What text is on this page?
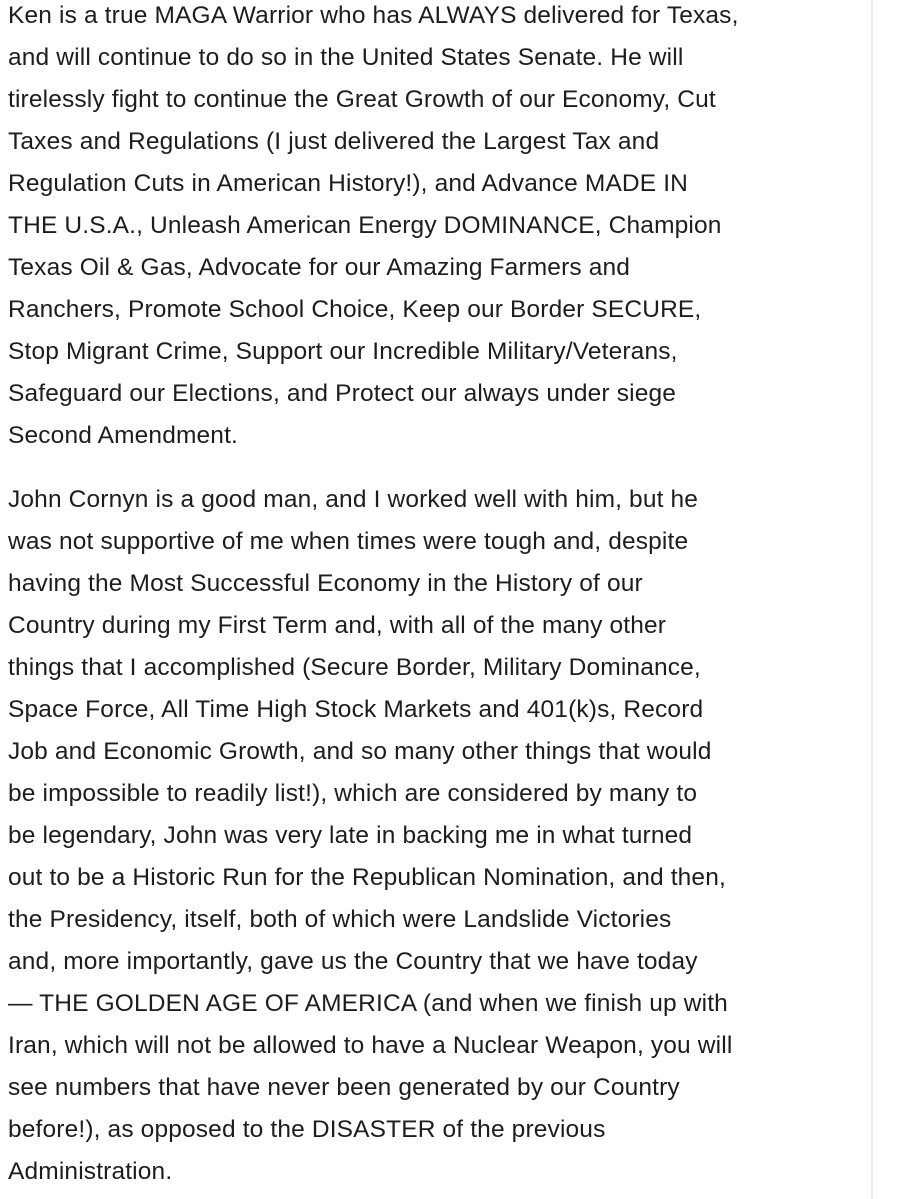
Ken is a true MAGA Warrior who has ALWAYS delivered for Texas,
and will continue to do so in the United States Senate. He will
tirelessly fight to continue the Great Growth of our Economy, Cut
Taxes and Regulations (I just delivered the Largest Tax and
Regulation Cuts in American History!), and Advance MADE IN
THE U.S.A., Unleash American Energy DOMINANCE, Champion
Texas Oil & Gas, Advocate for our Amazing Farmers and
Ranchers, Promote School Choice, Keep our Border SECURE,
Stop Migrant Crime, Support our Incredible Military/Veterans,
Safeguard our Elections, and Protect our always under siege
Second Amendment.

John Cornyn is a good man, and I worked well with him, but he
was not supportive of me when times were tough and, despite
having the Most Successful Economy in the History of our
Country during my First Term and, with all of the many other
things that I accomplished (Secure Border, Military Dominance,
Space Force, All Time High Stock Markets and 401(k)s, Record
Job and Economic Growth, and so many other things that would
be impossible to readily list!), which are considered by many to
be legendary, John was very late in backing me in what turned
out to be a Historic Run for the Republican Nomination, and then,
the Presidency, itself, both of which were Landslide Victories
and, more importantly, gave us the Country that we have today
— THE GOLDEN AGE OF AMERICA (and when we finish up with
Iran, which will not be allowed to have a Nuclear Weapon, you will
see numbers that have never been generated by our Country
before!), as opposed to the DISASTER of the previous
Administration.
